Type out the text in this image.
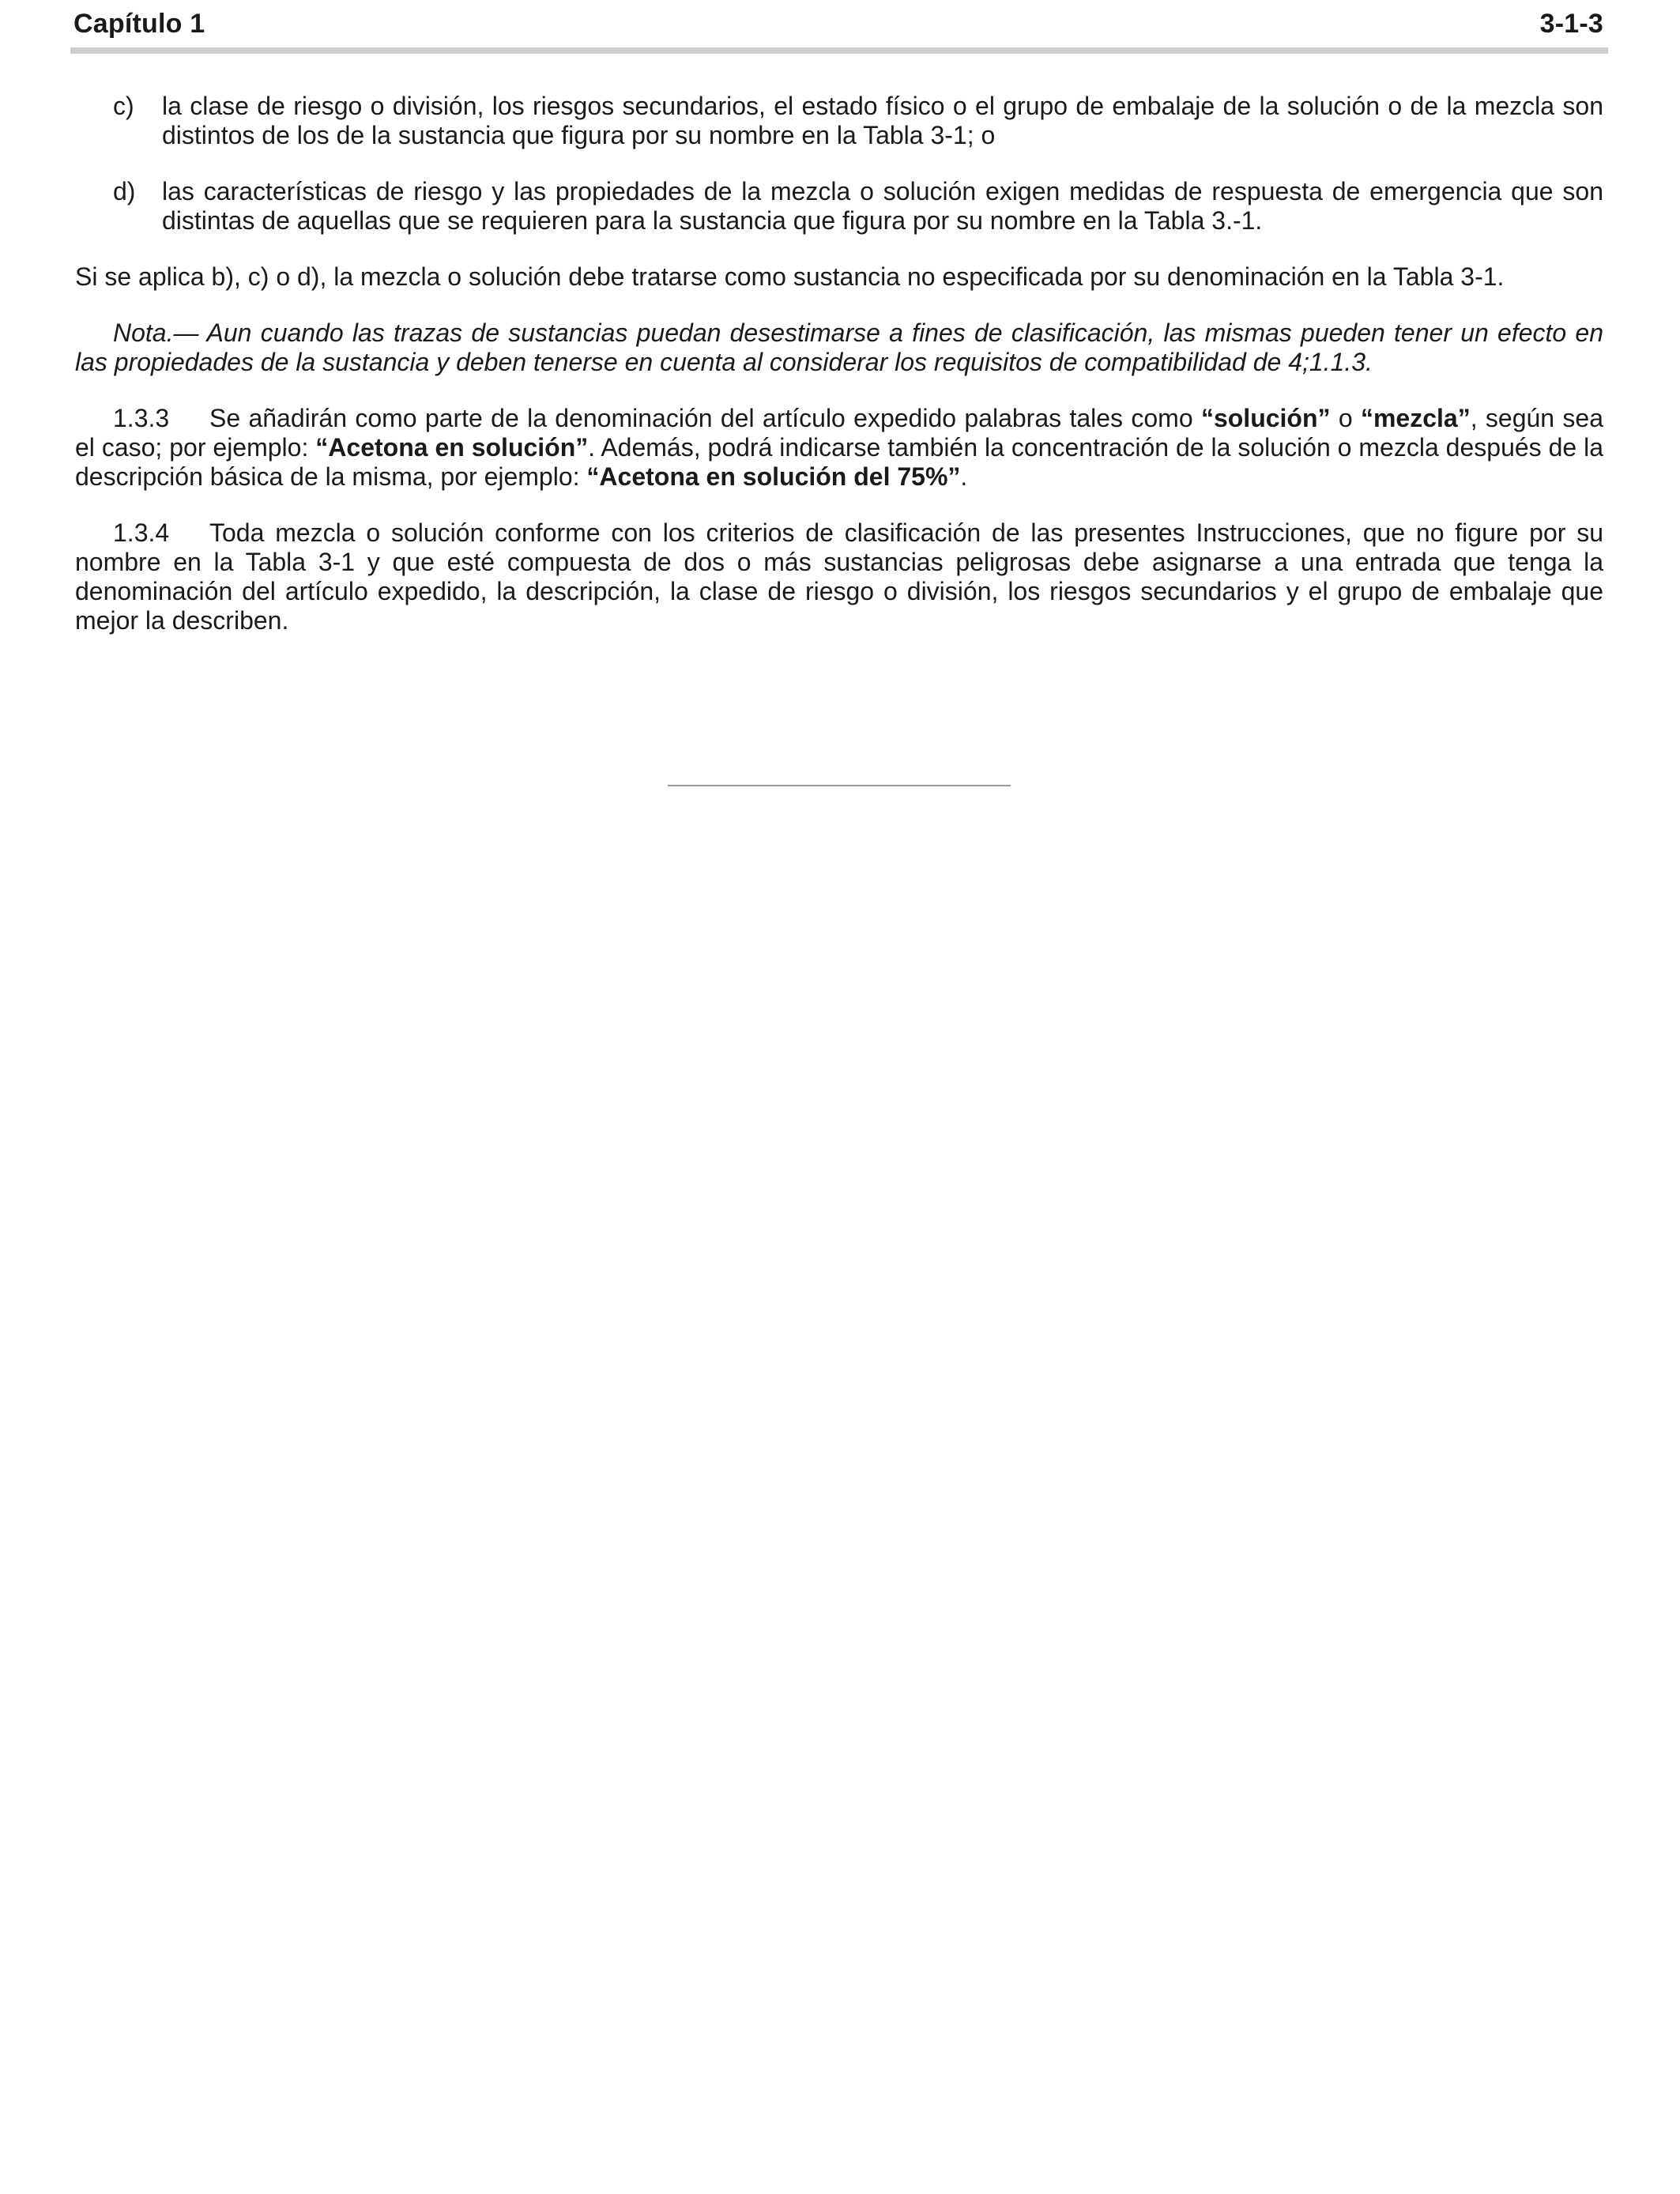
Capítulo 1	3-1-3
c) la clase de riesgo o división, los riesgos secundarios, el estado físico o el grupo de embalaje de la solución o de la mezcla son distintos de los de la sustancia que figura por su nombre en la Tabla 3-1; o
d) las características de riesgo y las propiedades de la mezcla o solución exigen medidas de respuesta de emergencia que son distintas de aquellas que se requieren para la sustancia que figura por su nombre en la Tabla 3.-1.

Si se aplica b), c) o d), la mezcla o solución debe tratarse como sustancia no especificada por su denominación en la Tabla 3-1.

Nota.— Aun cuando las trazas de sustancias puedan desestimarse a fines de clasificación, las mismas pueden tener un efecto en las propiedades de la sustancia y deben tenerse en cuenta al considerar los requisitos de compatibilidad de 4;1.1.3.

1.3.3 Se añadirán como parte de la denominación del artículo expedido palabras tales como “solución” o “mezcla”, según sea el caso; por ejemplo: “Acetona en solución”. Además, podrá indicarse también la concentración de la solución o mezcla después de la descripción básica de la misma, por ejemplo: “Acetona en solución del 75%”.

1.3.4 Toda mezcla o solución conforme con los criterios de clasificación de las presentes Instrucciones, que no figure por su nombre en la Tabla 3-1 y que esté compuesta de dos o más sustancias peligrosas debe asignarse a una entrada que tenga la denominación del artículo expedido, la descripción, la clase de riesgo o división, los riesgos secundarios y el grupo de embalaje que mejor la describen.
